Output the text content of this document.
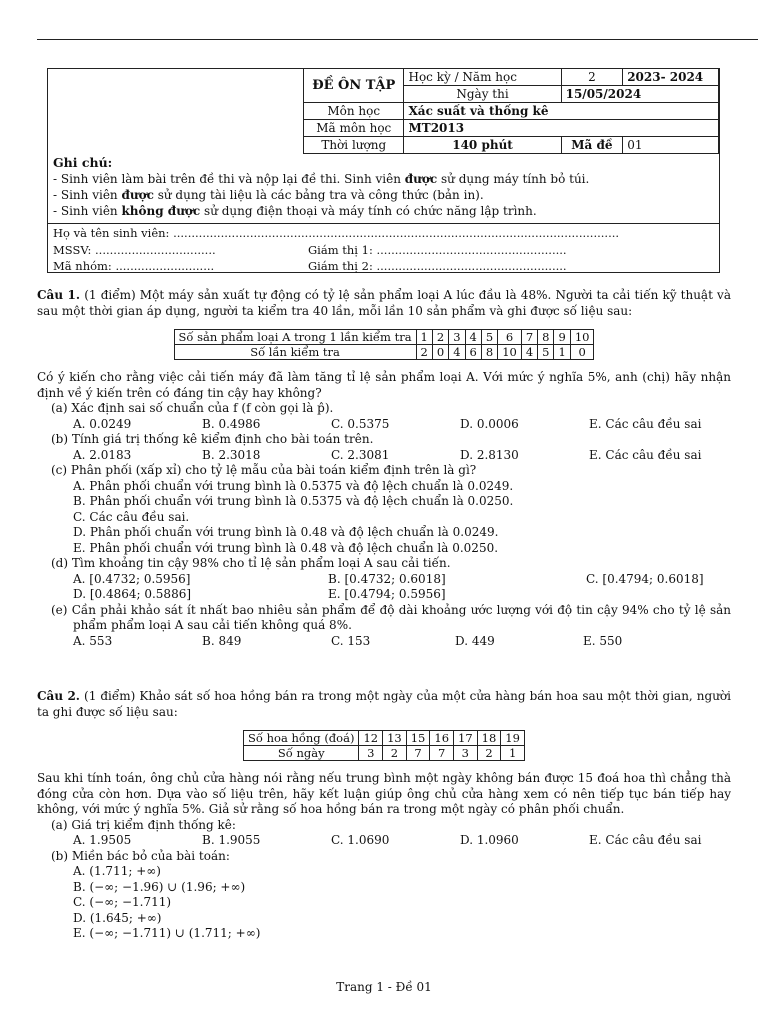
ĐỀ ÔN TẬP	Học kỳ / Năm học	2	2023- 2024
	Ngày thi	15/05/2024	
Môn học	Xác suất và thống kê		
Mã môn học	MT2013		
Thời lượng	140 phút	Mã đề	01
Ghi chú:
- Sinh viên làm bài trên đề thi và nộp lại đề thi. Sinh viên được sử dụng máy tính bỏ túi.
- Sinh viên được sử dụng tài liệu là các bảng tra và công thức (bản in).
- Sinh viên không được sử dụng điện thoại và máy tính có chức năng lập trình.
Họ và tên sinh viên: ..........................................................................................................................
MSSV: .................................	Giám thị 1: ....................................................
Mã nhóm: ...........................	Giám thị 2: ....................................................

Câu 1. (1 điểm) Một máy sản xuất tự động có tỷ lệ sản phẩm loại A lúc đầu là 48%. Người ta cải tiến kỹ thuật và sau một thời gian áp dụng, người ta kiểm tra 40 lần, mỗi lần 10 sản phẩm và ghi được số liệu sau:

Số sản phẩm loại A trong 1 lần kiểm tra	1	2	3	4	5	6	7	8	9	10
Số lần kiểm tra	2	0	4	6	8	10	4	5	1	0

Có ý kiến cho rằng việc cải tiến máy đã làm tăng tỉ lệ sản phẩm loại A. Với mức ý nghĩa 5%, anh (chị) hãy nhận định về ý kiến trên có đáng tin cậy hay không?

(a) Xác định sai số chuẩn của f (f còn gọi là p̂).
A. 0.0249	B. 0.4986	C. 0.5375	D. 0.0006	E. Các câu đều sai
(b) Tính giá trị thống kê kiểm định cho bài toán trên.
A. 2.0183	B. 2.3018	C. 2.3081	D. 2.8130	E. Các câu đều sai
(c) Phân phối (xấp xỉ) cho tỷ lệ mẫu của bài toán kiểm định trên là gì?
A. Phân phối chuẩn với trung bình là 0.5375 và độ lệch chuẩn là 0.0249.
B. Phân phối chuẩn với trung bình là 0.5375 và độ lệch chuẩn là 0.0250.
C. Các câu đều sai.
D. Phân phối chuẩn với trung bình là 0.48 và độ lệch chuẩn là 0.0249.
E. Phân phối chuẩn với trung bình là 0.48 và độ lệch chuẩn là 0.0250.
(d) Tìm khoảng tin cậy 98% cho tỉ lệ sản phẩm loại A sau cải tiến.
A. [0.4732; 0.5956]	B. [0.4732; 0.6018]	C. [0.4794; 0.6018]
D. [0.4864; 0.5886]	E. [0.4794; 0.5956]
(e) Cần phải khảo sát ít nhất bao nhiêu sản phẩm để độ dài khoảng ước lượng với độ tin cậy 94% cho tỷ lệ sản phẩm phẩm loại A sau cải tiến không quá 8%.
A. 553	B. 849	C. 153	D. 449	E. 550

Câu 2. (1 điểm) Khảo sát số hoa hồng bán ra trong một ngày của một cửa hàng bán hoa sau một thời gian, người ta ghi được số liệu sau:

Số hoa hồng (đoá)	12	13	15	16	17	18	19
Số ngày	3	2	7	7	3	2	1

Sau khi tính toán, ông chủ cửa hàng nói rằng nếu trung bình một ngày không bán được 15 đoá hoa thì chẳng thà đóng cửa còn hơn. Dựa vào số liệu trên, hãy kết luận giúp ông chủ cửa hàng xem có nên tiếp tục bán tiếp hay không, với mức ý nghĩa 5%. Giả sử rằng số hoa hồng bán ra trong một ngày có phân phối chuẩn.

(a) Giá trị kiểm định thống kê:
A. 1.9505	B. 1.9055	C. 1.0690	D. 1.0960	E. Các câu đều sai
(b) Miền bác bỏ của bài toán:
A. (1.711; +∞)
B. (−∞; −1.96) ∪ (1.96; +∞)
C. (−∞; −1.711)
D. (1.645; +∞)
E. (−∞; −1.711) ∪ (1.711; +∞)
Trang 1 - Đề 01
